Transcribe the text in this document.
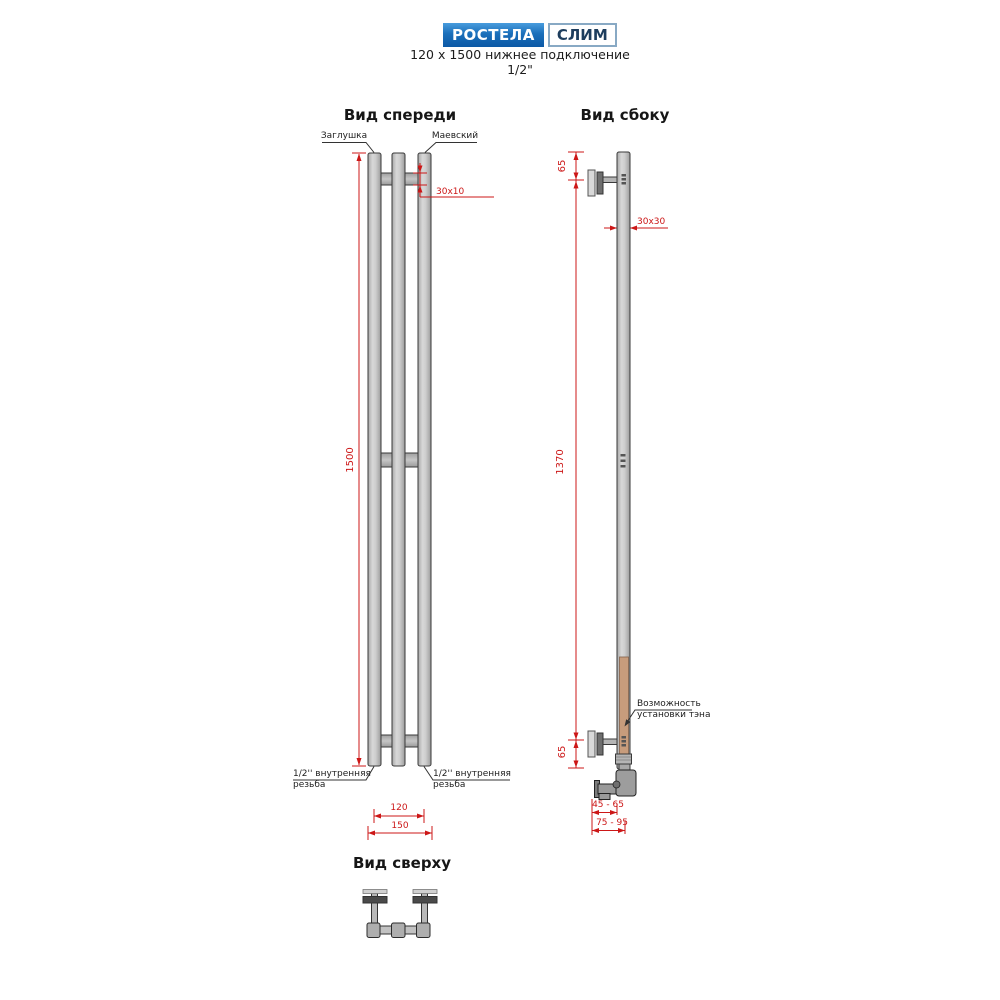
РОСТЕЛА	СЛИМ
120 x 1500 нижнее подключение 1/2"
Вид спереди	Вид сбоку
Вид сверху
Заглушка	Маевский
30x10
1500
1/2'' внутренняя
резьба
1/2'' внутренняя
резьба
120
150
65
1370
65
30x30
Возможность
установки тэна
45 - 65
75 - 95
